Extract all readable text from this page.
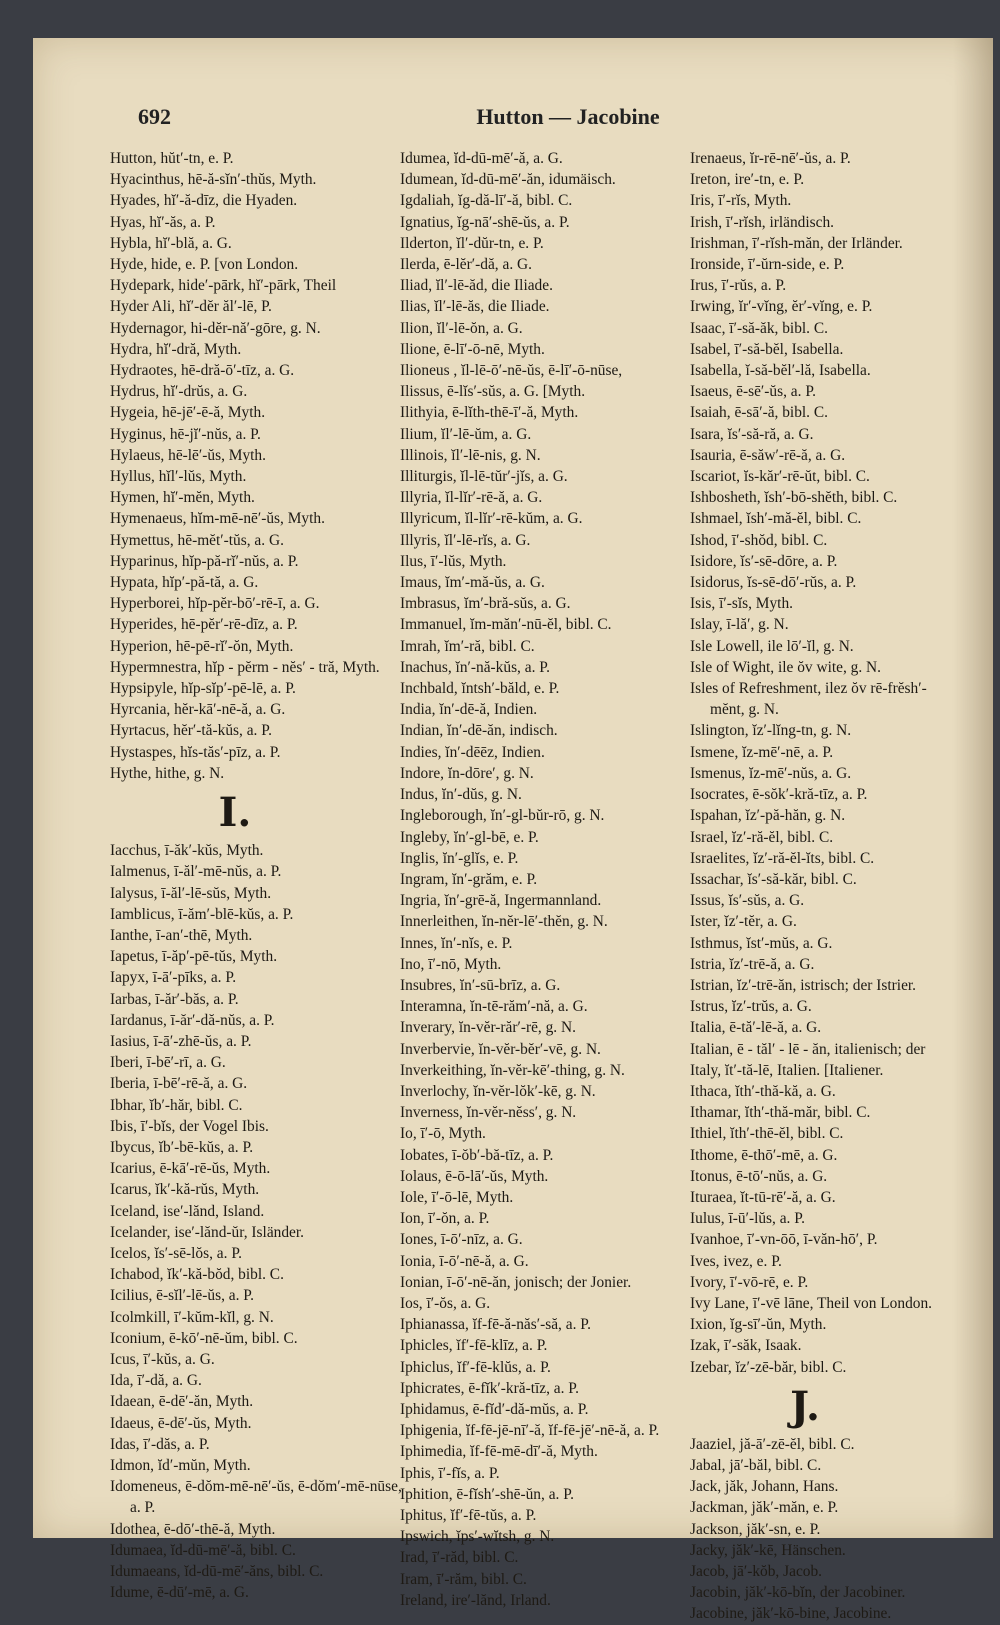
692	Hutton — Jacobine
Hutton, hŭt′-tn, e. P.
Hyacinthus, hē-ă-sĭn′-thŭs, Myth.
Hyades, hĭ′-ă-dīz, die Hyaden.
Hyas, hĭ′-ăs, a. P.
Hybla, hĭ′-blă, a. G.
Hyde, hide, e. P. [von London.
Hydepark, hide′-pārk, hĭ′-pārk, Theil
Hyder Ali, hĭ′-dĕr ăl′-lē, P.
Hydernagor, hi-dĕr-nă′-gōre, g. N.
Hydra, hĭ′-dră, Myth.
Hydraotes, hē-dră-ō′-tīz, a. G.
Hydrus, hĭ′-drŭs, a. G.
Hygeia, hē-jē′-ē-ă, Myth.
Hyginus, hē-jĭ′-nŭs, a. P.
Hylaeus, hē-lē′-ŭs, Myth.
Hyllus, hĭl′-lŭs, Myth.
Hymen, hĭ′-mĕn, Myth.
Hymenaeus, hĭm-mē-nē′-ŭs, Myth.
Hymettus, hē-mĕt′-tŭs, a. G.
Hyparinus, hĭp-pă-rĭ′-nŭs, a. P.
Hypata, hĭp′-pă-tă, a. G.
Hyperborei, hĭp-pĕr-bō′-rē-ī, a. G.
Hyperides, hē-pĕr′-rē-dīz, a. P.
Hyperion, hē-pē-rĭ′-ŏn, Myth.
Hypermnestra, hĭp - pĕrm - nĕs′ - tră, Myth.
Hypsipyle, hĭp-sĭp′-pē-lē, a. P.
Hyrcania, hĕr-kā′-nē-ă, a. G.
Hyrtacus, hĕr′-tă-kŭs, a. P.
Hystaspes, hĭs-tăs′-pīz, a. P.
Hythe, hithe, g. N.
I.
Iacchus, ī-ăk′-kŭs, Myth.
Ialmenus, ī-ăl′-mē-nŭs, a. P.
Ialysus, ī-ăl′-lē-sŭs, Myth.
Iamblicus, ī-ăm′-blē-kŭs, a. P.
Ianthe, ī-an′-thē, Myth.
Iapetus, ī-ăp′-pē-tŭs, Myth.
Iapyx, ī-ā′-pīks, a. P.
Iarbas, ī-ăr′-băs, a. P.
Iardanus, ī-ăr′-dă-nŭs, a. P.
Iasius, ī-ā′-zhē-ŭs, a. P.
Iberi, ī-bē′-rī, a. G.
Iberia, ī-bē′-rē-ă, a. G.
Ibhar, ĭb′-hăr, bibl. C.
Ibis, ī′-bĭs, der Vogel Ibis.
Ibycus, ĭb′-bē-kŭs, a. P.
Icarius, ē-kā′-rē-ŭs, Myth.
Icarus, ĭk′-kă-rŭs, Myth.
Iceland, ise′-lănd, Island.
Icelander, ise′-lănd-ŭr, Isländer.
Icelos, ĭs′-sē-lŏs, a. P.
Ichabod, ĭk′-kă-bŏd, bibl. C.
Icilius, ē-sĭl′-lē-ŭs, a. P.
Icolmkill, ī′-kŭm-kĭl, g. N.
Iconium, ē-kō′-nē-ŭm, bibl. C.
Icus, ī′-kŭs, a. G.
Ida, ī′-dă, a. G.
Idaean, ē-dē′-ăn, Myth.
Idaeus, ē-dē′-ŭs, Myth.
Idas, ī′-dăs, a. P.
Idmon, ĭd′-mŭn, Myth.
Idomeneus, ē-dŏm-mē-nē′-ŭs, ē-dŏm′-mē-nūse, a. P.
Idothea, ē-dō′-thē-ă, Myth.
Idumaea, ĭd-dū-mē′-ă, bibl. C.
Idumaeans, ĭd-dū-mē′-ăns, bibl. C.
Idume, ē-dū′-mē, a. G.
Idumea, ĭd-dū-mē′-ă, a. G.
Idumean, ĭd-dū-mē′-ăn, idumäisch.
Igdaliah, ĭg-dă-lī′-ă, bibl. C.
Ignatius, ĭg-nā′-shē-ŭs, a. P.
Ilderton, ĭl′-dŭr-tn, e. P.
Ilerda, ē-lĕr′-dă, a. G.
Iliad, ĭl′-lē-ăd, die Iliade.
Ilias, ĭl′-lē-ăs, die Iliade.
Ilion, ĭl′-lē-ŏn, a. G.
Ilione, ē-lī′-ō-nē, Myth.
Ilioneus , ĭl-lē-ō′-nē-ŭs, ē-lī′-ō-nūse,
Ilissus, ē-lĭs′-sŭs, a. G. [Myth.
Ilithyia, ē-lĭth-thē-ī′-ă, Myth.
Ilium, ĭl′-lē-ŭm, a. G.
Illinois, ĭl′-lē-nis, g. N.
Illiturgis, ĭl-lē-tŭr′-jĭs, a. G.
Illyria, ĭl-lĭr′-rē-ă, a. G.
Illyricum, ĭl-lĭr′-rē-kŭm, a. G.
Illyris, ĭl′-lē-rĭs, a. G.
Ilus, ī′-lŭs, Myth.
Imaus, ĭm′-mă-ŭs, a. G.
Imbrasus, ĭm′-bră-sŭs, a. G.
Immanuel, ĭm-măn′-nū-ĕl, bibl. C.
Imrah, ĭm′-ră, bibl. C.
Inachus, ĭn′-nă-kŭs, a. P.
Inchbald, ĭntsh′-băld, e. P.
India, ĭn′-dē-ă, Indien.
Indian, ĭn′-dē-ăn, indisch.
Indies, ĭn′-dēēz, Indien.
Indore, ĭn-dōre′, g. N.
Indus, ĭn′-dŭs, g. N.
Ingleborough, ĭn′-gl-bŭr-rō, g. N.
Ingleby, ĭn′-gl-bē, e. P.
Inglis, ĭn′-glĭs, e. P.
Ingram, ĭn′-grăm, e. P.
Ingria, ĭn′-grē-ă, Ingermannland.
Innerleithen, ĭn-nĕr-lē′-thĕn, g. N.
Innes, ĭn′-nĭs, e. P.
Ino, ī′-nō, Myth.
Insubres, ĭn′-sū-brīz, a. G.
Interamna, ĭn-tē-răm′-nă, a. G.
Inverary, ĭn-vĕr-răr′-rē, g. N.
Inverbervie, ĭn-vĕr-bĕr′-vē, g. N.
Inverkeithing, ĭn-vĕr-kē′-thing, g. N.
Inverlochy, ĭn-vĕr-lŏk′-kē, g. N.
Inverness, ĭn-vĕr-nĕss′, g. N.
Io, ī′-ō, Myth.
Iobates, ī-ŏb′-bă-tīz, a. P.
Iolaus, ē-ō-lā′-ŭs, Myth.
Iole, ī′-ō-lē, Myth.
Ion, ī′-ŏn, a. P.
Iones, ī-ō′-nīz, a. G.
Ionia, ī-ō′-nē-ă, a. G.
Ionian, ī-ō′-nē-ăn, jonisch; der Jonier.
Ios, ī′-ŏs, a. G.
Iphianassa, ĭf-fē-ă-năs′-să, a. P.
Iphicles, ĭf′-fē-klīz, a. P.
Iphiclus, ĭf′-fē-klŭs, a. P.
Iphicrates, ē-fĭk′-kră-tīz, a. P.
Iphidamus, ē-fĭd′-dă-mŭs, a. P.
Iphigenia, ĭf-fē-jē-nī′-ă, ĭf-fē-jē′-nē-ă, a. P.
Iphimedia, ĭf-fē-mē-dī′-ă, Myth.
Iphis, ī′-fĭs, a. P.
Iphition, ē-fĭsh′-shē-ŭn, a. P.
Iphitus, ĭf′-fē-tŭs, a. P.
Ipswich, ĭps′-wĭtsh, g. N.
Irad, ī′-răd, bibl. C.
Iram, ī′-răm, bibl. C.
Ireland, ire′-lănd, Irland.
Irenaeus, ĭr-rē-nē′-ŭs, a. P.
Ireton, ire′-tn, e. P.
Iris, ī′-rĭs, Myth.
Irish, ī′-rĭsh, irländisch.
Irishman, ī′-rĭsh-măn, der Irländer.
Ironside, ī′-ŭrn-side, e. P.
Irus, ī′-rŭs, a. P.
Irwing, ĭr′-vĭng, ĕr′-vĭng, e. P.
Isaac, ī′-să-ăk, bibl. C.
Isabel, ī′-să-bĕl, Isabella.
Isabella, ĭ-să-bĕl′-lă, Isabella.
Isaeus, ē-sē′-ŭs, a. P.
Isaiah, ē-sā′-ă, bibl. C.
Isara, ĭs′-să-ră, a. G.
Isauria, ē-săw′-rē-ă, a. G.
Iscariot, ĭs-kăr′-rē-ŭt, bibl. C.
Ishbosheth, ĭsh′-bō-shĕth, bibl. C.
Ishmael, ĭsh′-mă-ĕl, bibl. C.
Ishod, ī′-shŏd, bibl. C.
Isidore, ĭs′-sē-dōre, a. P.
Isidorus, ĭs-sē-dō′-rŭs, a. P.
Isis, ī′-sĭs, Myth.
Islay, ī-lă′, g. N.
Isle Lowell, ile lō′-ĭl, g. N.
Isle of Wight, ile ŏv wite, g. N.
Isles of Refreshment, ilez ŏv rē-frĕsh′-mĕnt, g. N.
Islington, ĭz′-lĭng-tn, g. N.
Ismene, ĭz-mē′-nē, a. P.
Ismenus, ĭz-mē′-nŭs, a. G.
Isocrates, ē-sŏk′-kră-tīz, a. P.
Ispahan, ĭz′-pă-hăn, g. N.
Israel, ĭz′-ră-ĕl, bibl. C.
Israelites, ĭz′-ră-ĕl-ĭts, bibl. C.
Issachar, ĭs′-să-kăr, bibl. C.
Issus, ĭs′-sŭs, a. G.
Ister, ĭz′-tĕr, a. G.
Isthmus, ĭst′-mŭs, a. G.
Istria, ĭz′-trē-ă, a. G.
Istrian, ĭz′-trē-ăn, istrisch; der Istrier.
Istrus, ĭz′-trŭs, a. G.
Italia, ē-tă′-lē-ă, a. G.
Italian, ē - tăl′ - lē - ăn, italienisch; der
Italy, ĭt′-tă-lē, Italien. [Italiener.
Ithaca, ĭth′-thă-kă, a. G.
Ithamar, ĭth′-thă-măr, bibl. C.
Ithiel, ĭth′-thē-ĕl, bibl. C.
Ithome, ē-thō′-mē, a. G.
Itonus, ē-tō′-nŭs, a. G.
Ituraea, ĭt-tū-rē′-ă, a. G.
Iulus, ī-ū′-lŭs, a. P.
Ivanhoe, ī′-vn-ōō, ī-văn-hō′, P.
Ives, ivez, e. P.
Ivory, ī′-vō-rē, e. P.
Ivy Lane, ī′-vē lāne, Theil von London.
Ixion, ĭg-sī′-ŭn, Myth.
Izak, ī′-săk, Isaak.
Izebar, ĭz′-zē-băr, bibl. C.
J.
Jaaziel, jă-ā′-zē-ĕl, bibl. C.
Jabal, jā′-băl, bibl. C.
Jack, jăk, Johann, Hans.
Jackman, jăk′-măn, e. P.
Jackson, jăk′-sn, e. P.
Jacky, jăk′-kē, Hänschen.
Jacob, jā′-kŏb, Jacob.
Jacobin, jăk′-kō-bĭn, der Jacobiner.
Jacobine, jăk′-kō-bine, Jacobine.
